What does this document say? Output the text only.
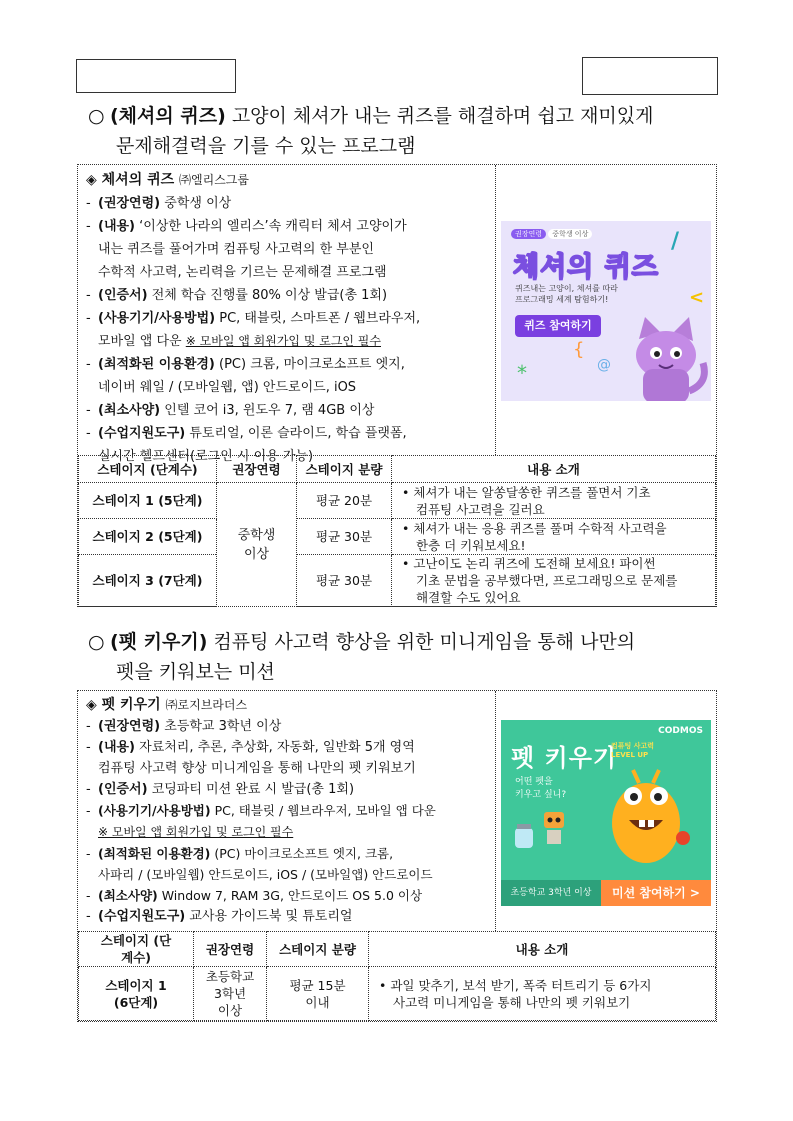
○ (체셔의 퀴즈) 고양이 체셔가 내는 퀴즈를 해결하며 쉽고 재미있게
문제해결력을 기를 수 있는 프로그램
◈ 체셔의 퀴즈 ㈜엘리스그룹
- (권장연령) 중학생 이상
- (내용) ‘이상한 나라의 엘리스’속 캐릭터 체셔 고양이가
내는 퀴즈를 풀어가며 컴퓨팅 사고력의 한 부분인
수학적 사고력, 논리력을 기르는 문제해결 프로그램
- (인증서) 전체 학습 진행률 80% 이상 발급(총 1회)
- (사용기기/사용방법) PC, 태블릿, 스마트폰 / 웹브라우저,
모바일 앱 다운 ※ 모바일 앱 회원가입 및 로그인 필수
- (최적화된 이용환경) (PC) 크롬, 마이크로소프트 엣지,
네이버 웨일 / (모바일웹, 앱) 안드로이드, iOS
- (최소사양) 인텔 코어 i3, 윈도우 7, 램 4GB 이상
- (수업지원도구) 튜토리얼, 이론 슬라이드, 학습 플랫폼,
실시간 헬프센터(로그인 시 이용 가능)
권장연령 중학생 이상
체셔의 퀴즈
퀴즈내는 고양이, 체셔를 따라
프로그래밍 세계 탐험하기!
퀴즈 참여하기
/
<
{
@
*
스테이지 (단계수)	권장연령	스테이지 분량	내용 소개
스테이지 1 (5단계)	중학생 이상	평균 20분	• 체셔가 내는 알쏭달쏭한 퀴즈를 풀면서 기초
컴퓨팅 사고력을 길러요
스테이지 2 (5단계)		평균 30분	• 체셔가 내는 응용 퀴즈를 풀며 수학적 사고력을
한층 더 키워보세요!
스테이지 3 (7단계)		평균 30분	• 고난이도 논리 퀴즈에 도전해 보세요! 파이썬
기초 문법을 공부했다면, 프로그래밍으로 문제를
해결할 수도 있어요
○ (펫 키우기) 컴퓨팅 사고력 향상을 위한 미니게임을 통해 나만의
펫을 키워보는 미션
◈ 펫 키우기 ㈜로지브라더스
- (권장연령) 초등학교 3학년 이상
- (내용) 자료처리, 추론, 추상화, 자동화, 일반화 5개 영역
컴퓨팅 사고력 향상 미니게임을 통해 나만의 펫 키워보기
- (인증서) 코딩파티 미션 완료 시 발급(총 1회)
- (사용기기/사용방법) PC, 태블릿 / 웹브라우저, 모바일 앱 다운
※ 모바일 앱 회원가입 및 로그인 필수
- (최적화된 이용환경) (PC) 마이크로소프트 엣지, 크롬,
사파리 / (모바일웹) 안드로이드, iOS / (모바일앱) 안드로이드
- (최소사양) Window 7, RAM 3G, 안드로이드 OS 5.0 이상
- (수업지원도구) 교사용 가이드북 및 튜토리얼
CODMOS
펫 키우기
컴퓨팅 사고력 LEVEL UP
어떤 펫을
키우고 싶니?
초등학교 3학년 이상	미션 참여하기 >
스테이지 (단계수)	권장연령	스테이지 분량	내용 소개
스테이지 1
(6단계)	초등학교
3학년
이상	평균 15분
이내	• 과일 맞추기, 보석 받기, 폭죽 터트리기 등 6가지
사고력 미니게임을 통해 나만의 펫 키워보기
